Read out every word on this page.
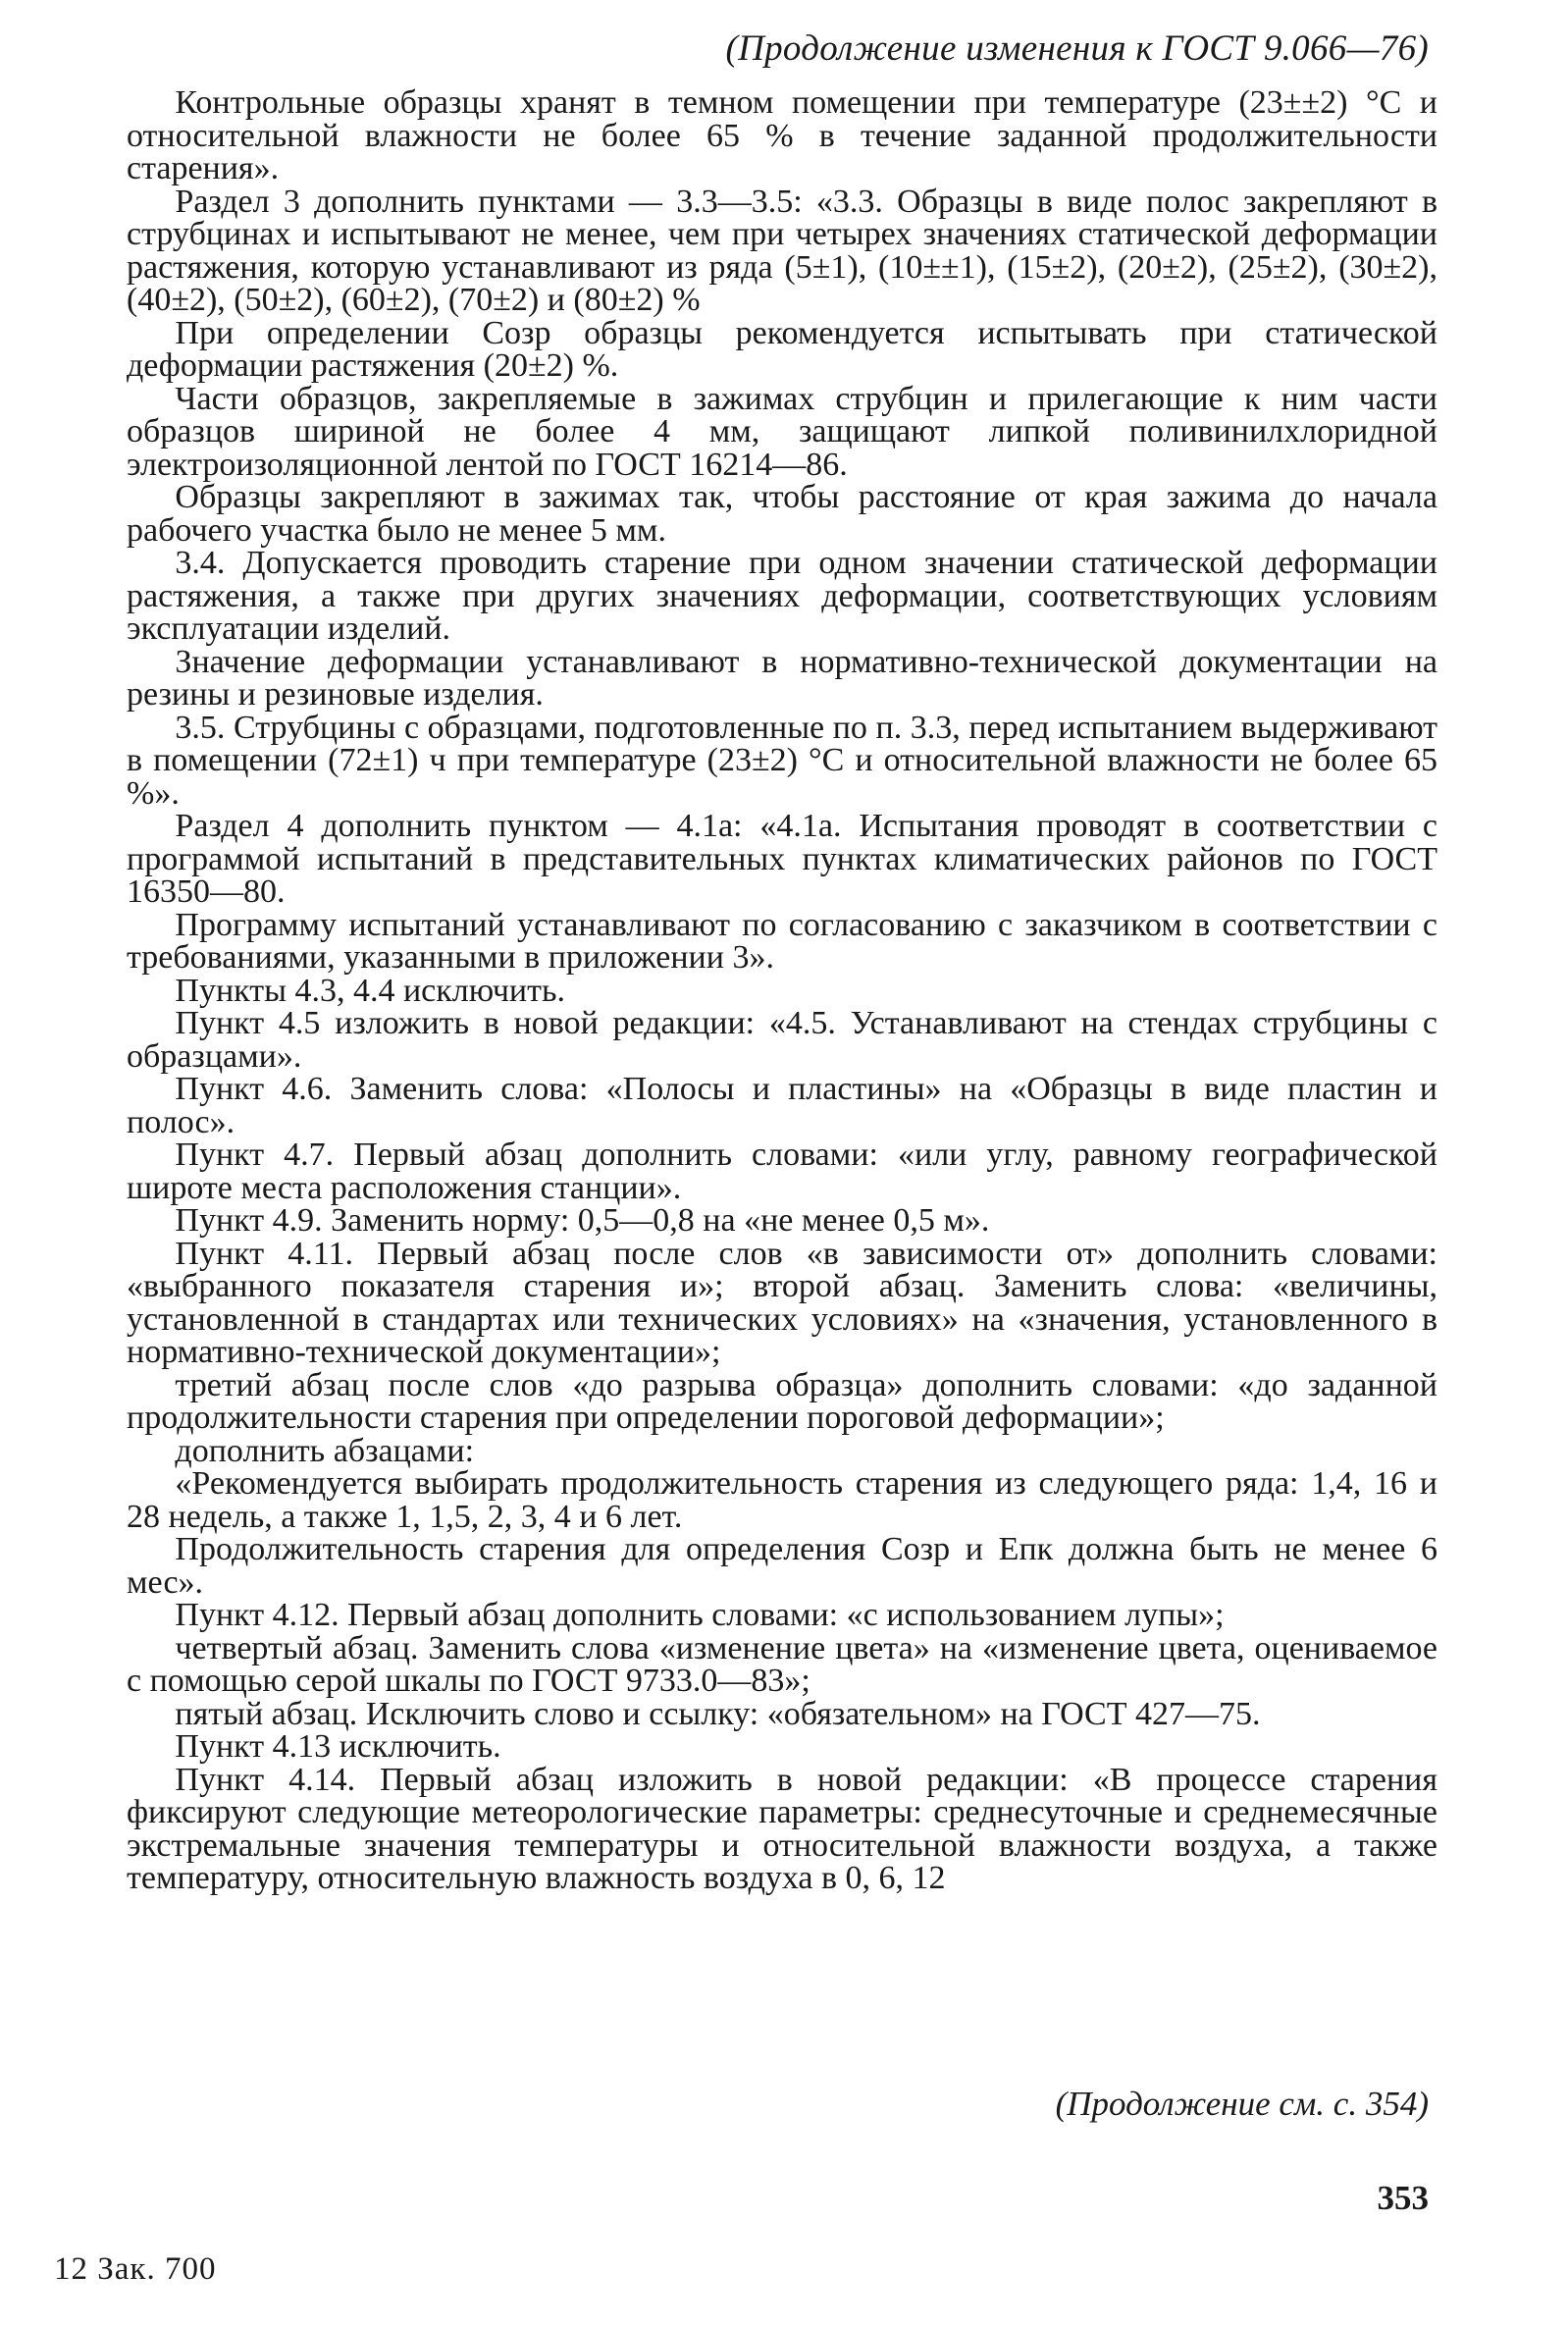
(Продолжение изменения к ГОСТ 9.066—76)

Контрольные образцы хранят в темном помещении при температуре (23±±2) °С и относительной влажности не более 65 % в течение заданной продолжительности старения».

Раздел 3 дополнить пунктами — 3.3—3.5: «3.3. Образцы в виде полос закрепляют в струбцинах и испытывают не менее, чем при четырех значениях статической деформации растяжения, которую устанавливают из ряда (5±1), (10±±1), (15±2), (20±2), (25±2), (30±2), (40±2), (50±2), (60±2), (70±2) и (80±2) %

При определении Cозр образцы рекомендуется испытывать при статической деформации растяжения (20±2) %.

Части образцов, закрепляемые в зажимах струбцин и прилегающие к ним части образцов шириной не более 4 мм, защищают липкой поливинилхлоридной электроизоляционной лентой по ГОСТ 16214—86.

Образцы закрепляют в зажимах так, чтобы расстояние от края зажима до начала рабочего участка было не менее 5 мм.

3.4. Допускается проводить старение при одном значении статической деформации растяжения, а также при других значениях деформации, соответствующих условиям эксплуатации изделий.

Значение деформации устанавливают в нормативно-технической документации на резины и резиновые изделия.

3.5. Струбцины с образцами, подготовленные по п. 3.3, перед испытанием выдерживают в помещении (72±1) ч при температуре (23±2) °С и относительной влажности не более 65 %».

Раздел 4 дополнить пунктом — 4.1а: «4.1а. Испытания проводят в соответствии с программой испытаний в представительных пунктах климатических районов по ГОСТ 16350—80.

Программу испытаний устанавливают по согласованию с заказчиком в соответствии с требованиями, указанными в приложении 3».

Пункты 4.3, 4.4 исключить.

Пункт 4.5 изложить в новой редакции: «4.5. Устанавливают на стендах струбцины с образцами».

Пункт 4.6. Заменить слова: «Полосы и пластины» на «Образцы в виде пластин и полос».

Пункт 4.7. Первый абзац дополнить словами: «или углу, равному географической широте места расположения станции».

Пункт 4.9. Заменить норму: 0,5—0,8 на «не менее 0,5 м».

Пункт 4.11. Первый абзац после слов «в зависимости от» дополнить словами: «выбранного показателя старения и»; второй абзац. Заменить слова: «величины, установленной в стандартах или технических условиях» на «значения, установленного в нормативно-технической документации»;

третий абзац после слов «до разрыва образца» дополнить словами: «до заданной продолжительности старения при определении пороговой деформации»;

дополнить абзацами:

«Рекомендуется выбирать продолжительность старения из следующего ряда: 1,4, 16 и 28 недель, а также 1, 1,5, 2, 3, 4 и 6 лет.

Продолжительность старения для определения Cозр и Eпк должна быть не менее 6 мес».

Пункт 4.12. Первый абзац дополнить словами: «с использованием лупы»;

четвертый абзац. Заменить слова «изменение цвета» на «изменение цвета, оцениваемое с помощью серой шкалы по ГОСТ 9733.0—83»;

пятый абзац. Исключить слово и ссылку: «обязательном» на ГОСТ 427—75.

Пункт 4.13 исключить.

Пункт 4.14. Первый абзац изложить в новой редакции: «В процессе старения фиксируют следующие метеорологические параметры: среднесуточные и среднемесячные экстремальные значения температуры и относительной влажности воздуха, а также температуру, относительную влажность воздуха в 0, 6, 12

(Продолжение см. с. 354)
353
12 Зак. 700
